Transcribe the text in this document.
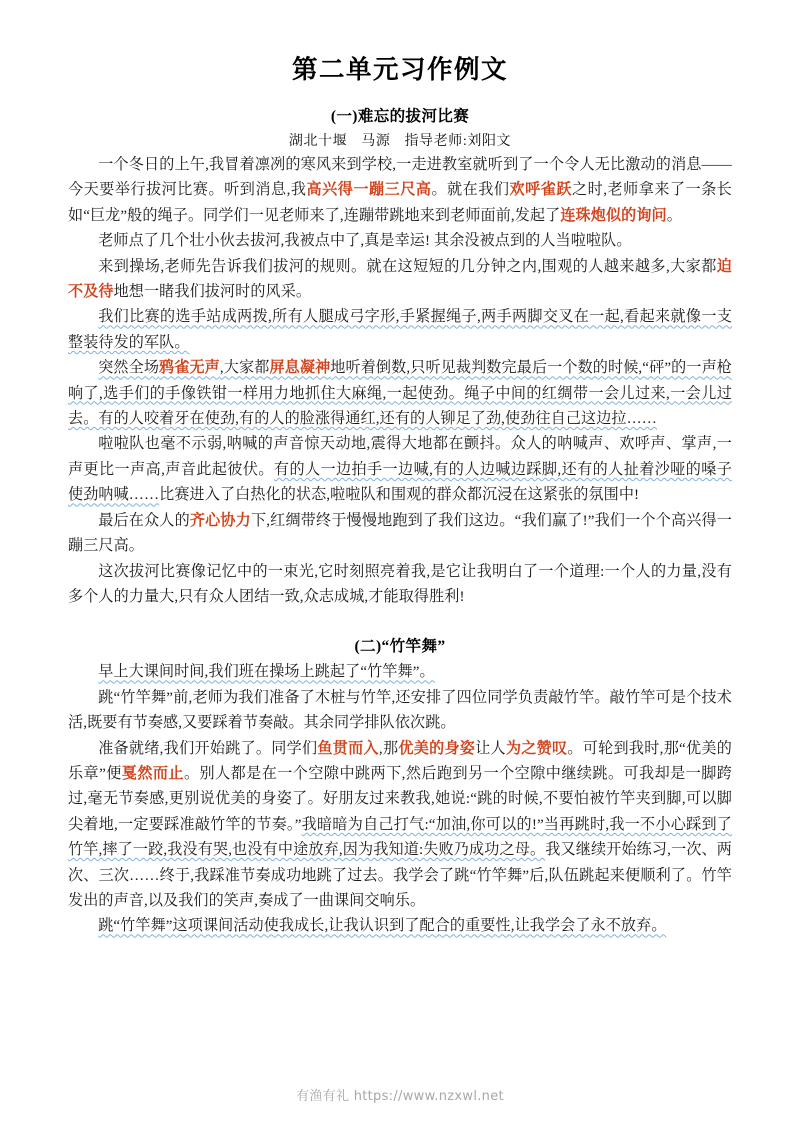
第二单元习作例文
(一)难忘的拔河比赛
湖北十堰 马源 指导老师:刘阳文

一个冬日的上午,我冒着凛冽的寒风来到学校,一走进教室就听到了一个令人无比激动的消息——今天要举行拔河比赛。听到消息,我高兴得一蹦三尺高。就在我们欢呼雀跃之时,老师拿来了一条长如“巨龙”般的绳子。同学们一见老师来了,连蹦带跳地来到老师面前,发起了连珠炮似的询问。

老师点了几个壮小伙去拔河,我被点中了,真是幸运! 其余没被点到的人当啦啦队。

来到操场,老师先告诉我们拔河的规则。就在这短短的几分钟之内,围观的人越来越多,大家都迫不及待地想一睹我们拔河时的风采。

我们比赛的选手站成两拨,所有人腿成弓字形,手紧握绳子,两手两脚交叉在一起,看起来就像一支整装待发的军队。

突然全场鸦雀无声,大家都屏息凝神地听着倒数,只听见裁判数完最后一个数的时候,“砰”的一声枪响了,选手们的手像铁钳一样用力地抓住大麻绳,一起使劲。绳子中间的红绸带一会儿过来,一会儿过去。有的人咬着牙在使劲,有的人的脸涨得通红,还有的人铆足了劲,使劲往自己这边拉……

啦啦队也毫不示弱,呐喊的声音惊天动地,震得大地都在颤抖。众人的呐喊声、欢呼声、掌声,一声更比一声高,声音此起彼伏。有的人一边拍手一边喊,有的人边喊边踩脚,还有的人扯着沙哑的嗓子使劲呐喊……比赛进入了白热化的状态,啦啦队和围观的群众都沉浸在这紧张的氛围中!

最后在众人的齐心协力下,红绸带终于慢慢地跑到了我们这边。“我们赢了!”我们一个个高兴得一蹦三尺高。

这次拔河比赛像记忆中的一束光,它时刻照亮着我,是它让我明白了一个道理:一个人的力量,没有多个人的力量大,只有众人团结一致,众志成城,才能取得胜利!

(二)“竹竿舞”

早上大课间时间,我们班在操场上跳起了“竹竿舞”。

跳“竹竿舞”前,老师为我们准备了木桩与竹竿,还安排了四位同学负责敲竹竿。敲竹竿可是个技术活,既要有节奏感,又要踩着节奏敲。其余同学排队依次跳。

准备就绪,我们开始跳了。同学们鱼贯而入,那优美的身姿让人为之赞叹。可轮到我时,那“优美的乐章”便戛然而止。别人都是在一个空隙中跳两下,然后跑到另一个空隙中继续跳。可我却是一脚跨过,毫无节奏感,更别说优美的身姿了。好朋友过来教我,她说:“跳的时候,不要怕被竹竿夹到脚,可以脚尖着地,一定要踩准敲竹竿的节奏。”我暗暗为自己打气:“加油,你可以的!”当再跳时,我一不小心踩到了竹竿,摔了一跤,我没有哭,也没有中途放弃,因为我知道:失败乃成功之母。我又继续开始练习,一次、两次、三次……终于,我踩准节奏成功地跳了过去。我学会了跳“竹竿舞”后,队伍跳起来便顺利了。竹竿发出的声音,以及我们的笑声,奏成了一曲课间交响乐。

跳“竹竿舞”这项课间活动使我成长,让我认识到了配合的重要性,让我学会了永不放弃。

有渔有礼 https://www.nzxwl.net
